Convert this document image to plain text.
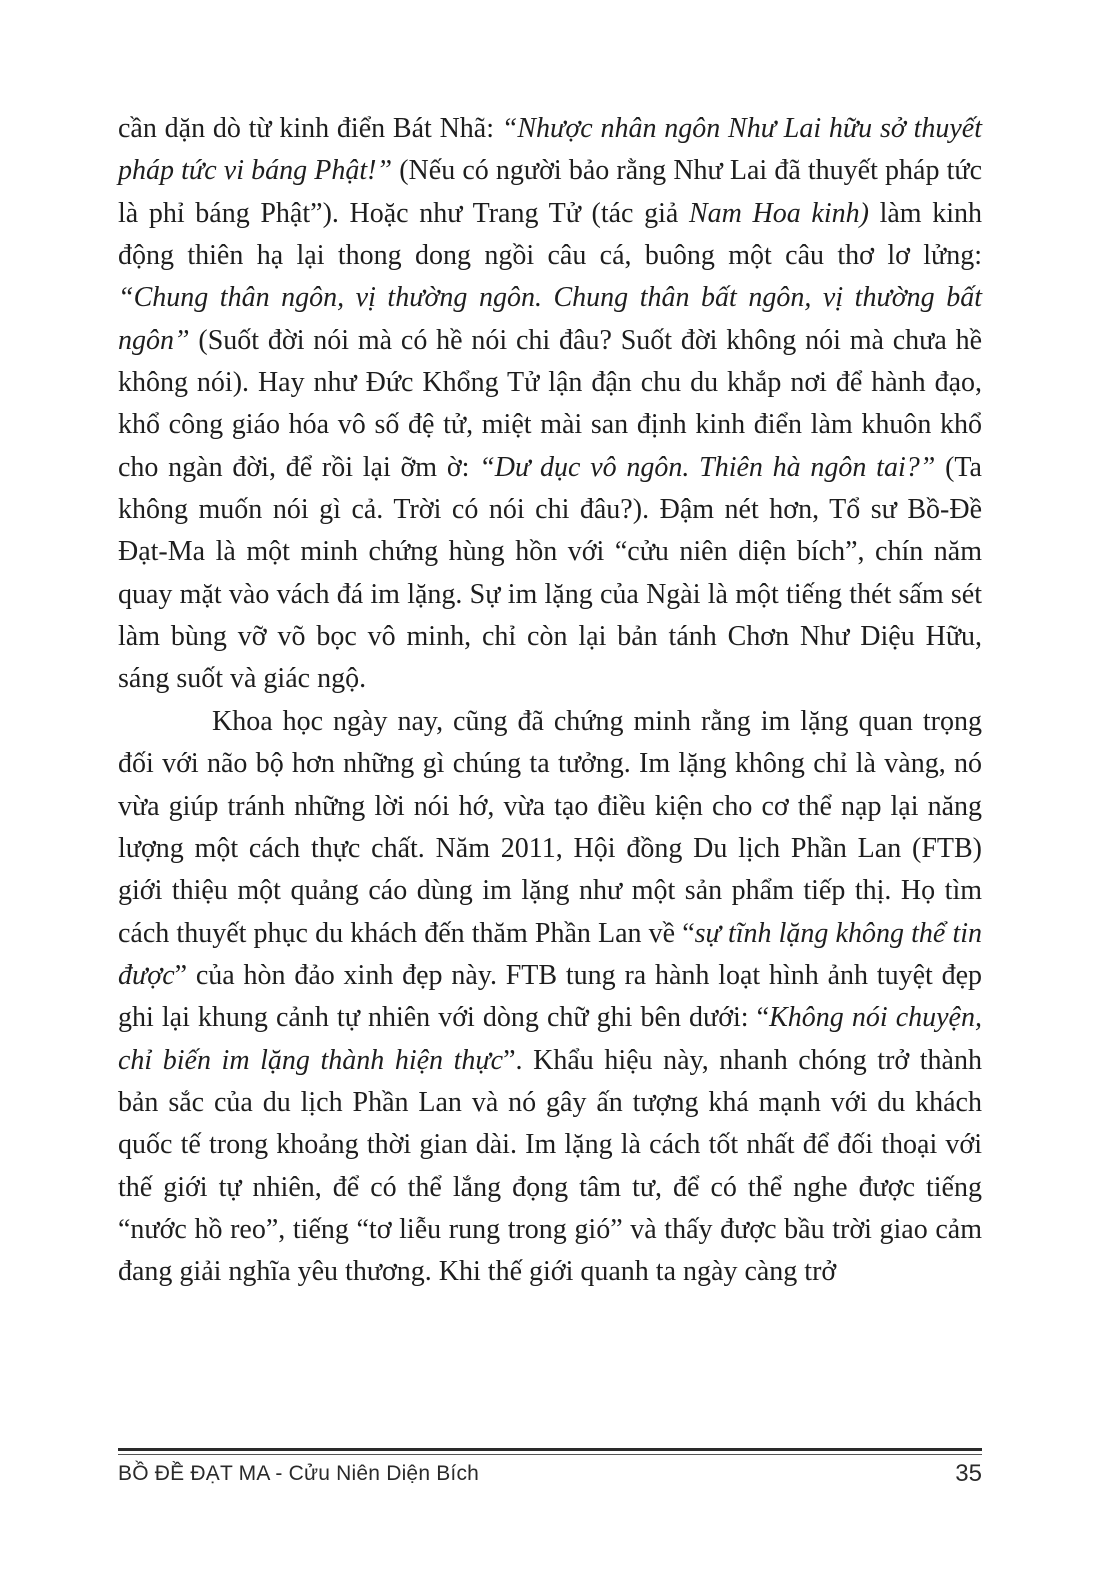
cần dặn dò từ kinh điển Bát Nhã: “Nhược nhân ngôn Như Lai hữu sở thuyết pháp tức vi báng Phật!” (Nếu có người bảo rằng Như Lai đã thuyết pháp tức là phỉ báng Phật”). Hoặc như Trang Tử (tác giả Nam Hoa kinh) làm kinh động thiên hạ lại thong dong ngồi câu cá, buông một câu thơ lơ lửng: “Chung thân ngôn, vị thường ngôn. Chung thân bất ngôn, vị thường bất ngôn” (Suốt đời nói mà có hề nói chi đâu? Suốt đời không nói mà chưa hề không nói). Hay như Đức Khổng Tử lận đận chu du khắp nơi để hành đạo, khổ công giáo hóa vô số đệ tử, miệt mài san định kinh điển làm khuôn khổ cho ngàn đời, để rồi lại ỡm ờ: “Dư dục vô ngôn. Thiên hà ngôn tai?” (Ta không muốn nói gì cả. Trời có nói chi đâu?). Đậm nét hơn, Tổ sư Bồ-Đề Đạt-Ma là một minh chứng hùng hồn với “cửu niên diện bích”, chín năm quay mặt vào vách đá im lặng. Sự im lặng của Ngài là một tiếng thét sấm sét làm bùng vỡ võ bọc vô minh, chỉ còn lại bản tánh Chơn Như Diệu Hữu, sáng suốt và giác ngộ.

Khoa học ngày nay, cũng đã chứng minh rằng im lặng quan trọng đối với não bộ hơn những gì chúng ta tưởng. Im lặng không chỉ là vàng, nó vừa giúp tránh những lời nói hớ, vừa tạo điều kiện cho cơ thể nạp lại năng lượng một cách thực chất. Năm 2011, Hội đồng Du lịch Phần Lan (FTB) giới thiệu một quảng cáo dùng im lặng như một sản phẩm tiếp thị. Họ tìm cách thuyết phục du khách đến thăm Phần Lan về “sự tĩnh lặng không thể tin được” của hòn đảo xinh đẹp này. FTB tung ra hành loạt hình ảnh tuyệt đẹp ghi lại khung cảnh tự nhiên với dòng chữ ghi bên dưới: “Không nói chuyện, chỉ biến im lặng thành hiện thực”. Khẩu hiệu này, nhanh chóng trở thành bản sắc của du lịch Phần Lan và nó gây ấn tượng khá mạnh với du khách quốc tế trong khoảng thời gian dài. Im lặng là cách tốt nhất để đối thoại với thế giới tự nhiên, để có thể lắng đọng tâm tư, để có thể nghe được tiếng “nước hồ reo”, tiếng “tơ liễu rung trong gió” và thấy được bầu trời giao cảm đang giải nghĩa yêu thương. Khi thế giới quanh ta ngày càng trở

BỒ ĐỀ ĐẠT MA - Cửu Niên Diện Bích	35
